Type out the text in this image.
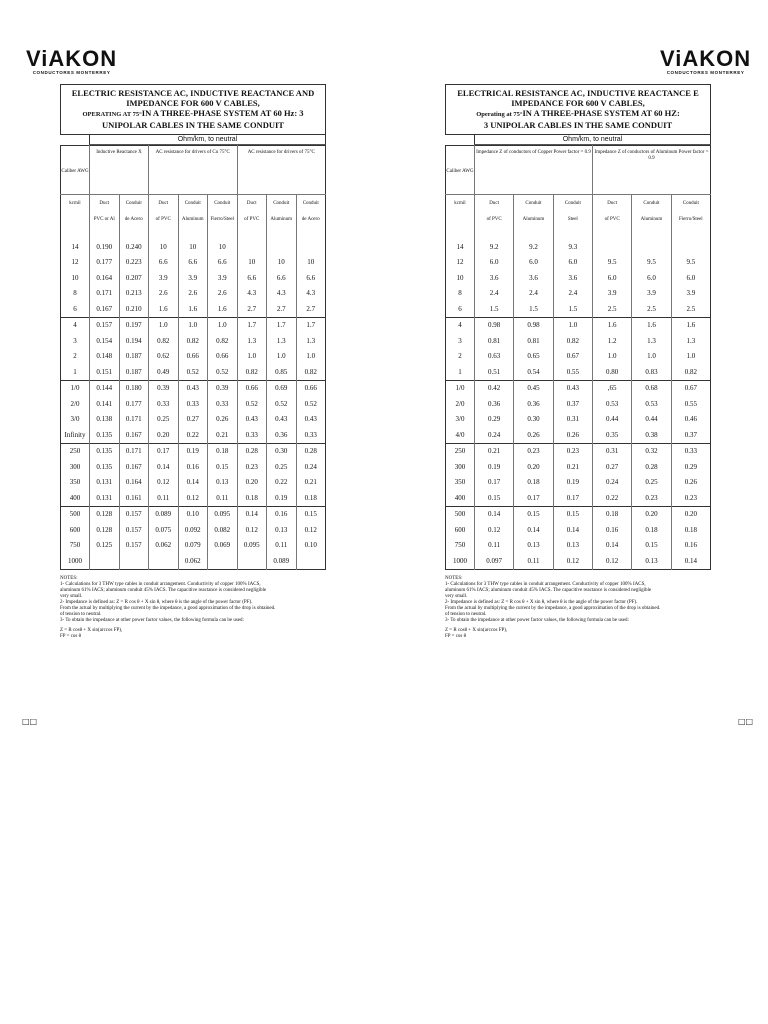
ViAKON
CONDUCTORES MONTERREY
ViAKON
CONDUCTORES MONTERREY
ELECTRIC RESISTANCE AC, INDUCTIVE REACTANCE AND
IMPEDANCE FOR 600 V CABLES,
OPERATING AT 75°IN A THREE-PHASE SYSTEM AT 60 Hz: 3
UNIPOLAR CABLES IN THE SAME CONDUIT
Ohm/km, to neutral
Caliber AWG	Inductive Reactance X		AC resistance for drivers of Cu 75°C			AC resistance for drivers of 75°C		
kcmil	Duct	Conduit	Duct	Conduit	Conduit	Duct	Conduit	Conduit
	PVC or Al	de Acero	of PVC	Aluminum	Fierro/Steel	of PVC	Aluminum	de Acero

14	0.190	0.240	10	10	10			
12	0.177	0.223	6.6	6.6	6.6	10	10	10
10	0.164	0.207	3.9	3.9	3.9	6.6	6.6	6.6
8	0.171	0.213	2.6	2.6	2.6	4.3	4.3	4.3
6	0.167	0.210	1.6	1.6	1.6	2.7	2.7	2.7
4	0.157	0.197	1.0	1.0	1.0	1.7	1.7	1.7
3	0.154	0.194	0.82	0.82	0.82	1.3	1.3	1.3
2	0.148	0.187	0.62	0.66	0.66	1.0	1.0	1.0
1	0.151	0.187	0.49	0.52	0.52	0.82	0.85	0.82
1/0	0.144	0.180	0.39	0.43	0.39	0.66	0.69	0.66
2/0	0.141	0.177	0.33	0.33	0.33	0.52	0.52	0.52
3/0	0.138	0.171	0.25	0.27	0.26	0.43	0.43	0.43
Infinity	0.135	0.167	0.20	0.22	0.21	0.33	0.36	0.33
250	0.135	0.171	0.17	0.19	0.18	0.28	0.30	0.28
300	0.135	0.167	0.14	0.16	0.15	0.23	0.25	0.24
350	0.131	0.164	0.12	0.14	0.13	0.20	0.22	0.21
400	0.131	0.161	0.11	0.12	0.11	0.18	0.19	0.18
500	0.128	0.157	0.089	0.10	0.095	0.14	0.16	0.15
600	0.128	0.157	0.075	0.092	0.082	0.12	0.13	0.12
750	0.125	0.157	0.062	0.079	0.069	0.095	0.11	0.10
1000				0.062			0.089	
NOTES:
1- Calculations for 3 THW type cables in conduit arrangement. Conductivity of copper 100% IACS,
aluminum 61% IACS; aluminum conduit 45% IACS. The capacitive reactance is considered negligible
very small.
2- Impedance is defined as: Z = R cos θ + X sin θ, where θ is the angle of the power factor (PF).
From the actual by multiplying the current by the impedance, a good approximation of the drop is obtained.
of tension to neutral.
3- To obtain the impedance at other power factor values, the following formula can be used:
Z = R cosθ + X sin(arccos FP),
FP = cos θ
ELECTRICAL RESISTANCE AC, INDUCTIVE REACTANCE E
IMPEDANCE FOR 600 V CABLES,
Operating at 75°IN A THREE-PHASE SYSTEM AT 60 HZ:
3 UNIPOLAR CABLES IN THE SAME CONDUIT
Ohm/km, to neutral
Caliber AWG	Impedance Z of conductors of Copper Power factor = 0.9			Impedance Z of conductors of Aluminum Power factor = 0.9		
kcmil	Duct	Conduit	Conduit	Duct	Conduit	Conduit
	of PVC	Aluminum	Steel	of PVC	Aluminum	Fierro/Steel

14	9.2	9.2	9.3			
12	6.0	6.0	6.0	9.5	9.5	9.5
10	3.6	3.6	3.6	6.0	6.0	6.0
8	2.4	2.4	2.4	3.9	3.9	3.9
6	1.5	1.5	1.5	2.5	2.5	2.5
4	0.98	0.98	1.0	1.6	1.6	1.6
3	0.81	0.81	0.82	1.2	1.3	1.3
2	0.63	0.65	0.67	1.0	1.0	1.0
1	0.51	0.54	0.55	0.80	0.83	0.82
1/0	0.42	0.45	0.43	,65	0.68	0.67
2/0	0.36	0.36	0.37	0.53	0.53	0.55
3/0	0.29	0.30	0.31	0.44	0.44	0.46
4/0	0.24	0.26	0.26	0.35	0.38	0.37
250	0.21	0.23	0.23	0.31	0.32	0.33
300	0.19	0.20	0.21	0.27	0.28	0.29
350	0.17	0.18	0.19	0.24	0.25	0.26
400	0.15	0.17	0.17	0.22	0.23	0.23
500	0.14	0.15	0.15	0.18	0.20	0.20
600	0.12	0.14	0.14	0.16	0.18	0.18
750	0.11	0.13	0.13	0.14	0.15	0.16
1000	0.097	0.11	0.12	0.12	0.13	0.14
NOTES:
1- Calculations for 3 THW type cables in conduit arrangement. Conductivity of copper 100% IACS,
aluminum 61% IACS; aluminum conduit 45% IACS. The capacitive reactance is considered negligible
very small.
2- Impedance is defined as: Z = R cos θ + X sin θ, where θ is the angle of the power factor (PF).
From the actual by multiplying the current by the impedance, a good approximation of the drop is obtained.
of tension to neutral.
3- To obtain the impedance at other power factor values, the following formula can be used:
Z = R cosθ + X sin(arccos FP),
FP = cos θ
□□	□□
